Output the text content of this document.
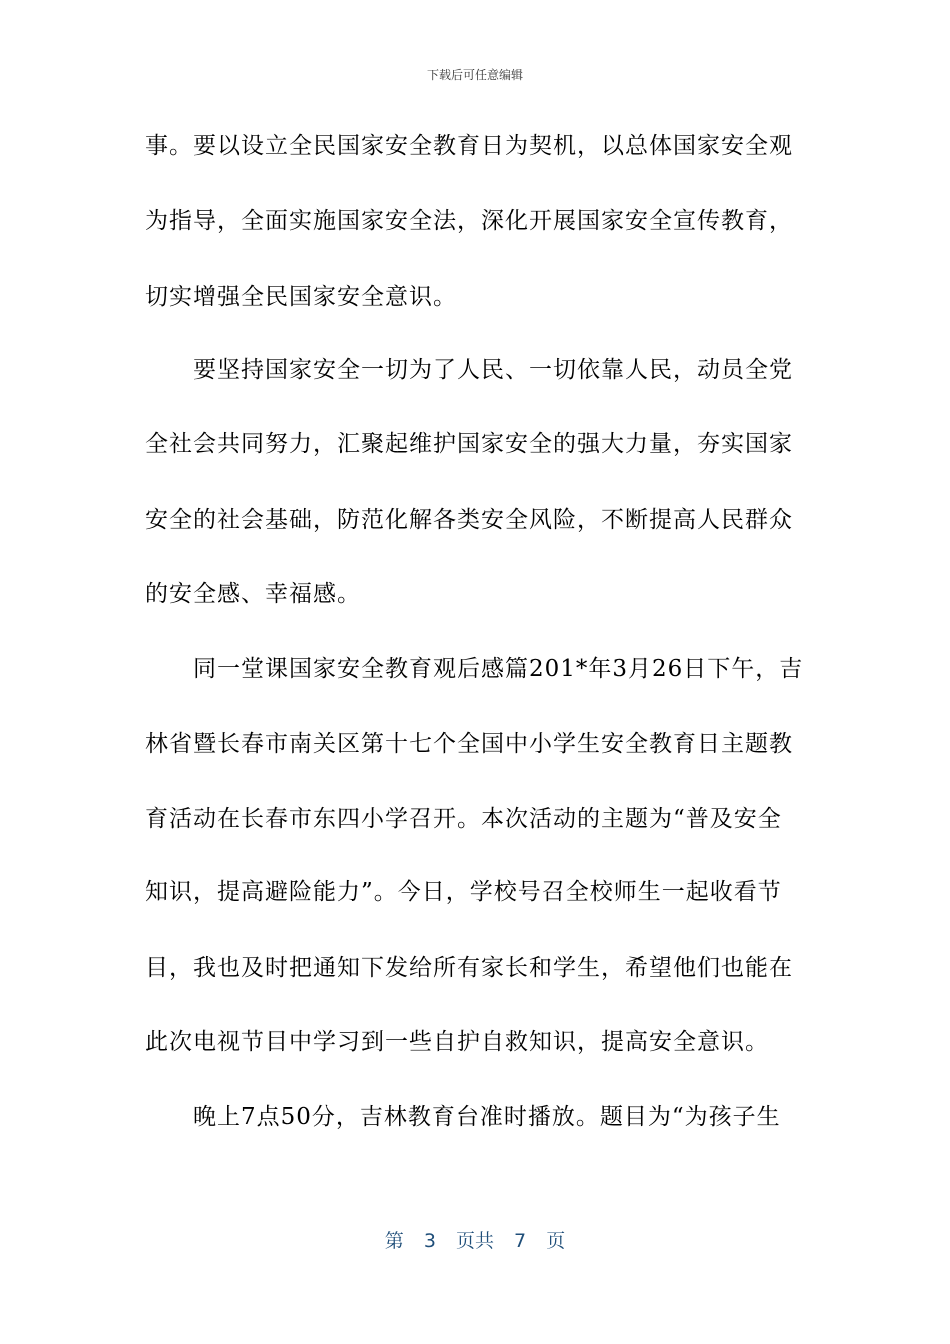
下载后可任意编辑
事。要以设立全民国家安全教育日为契机，以总体国家安全观
为指导，全面实施国家安全法，深化开展国家安全宣传教育，
切实增强全民国家安全意识。
要坚持国家安全一切为了人民、一切依靠人民，动员全党
全社会共同努力，汇聚起维护国家安全的强大力量，夯实国家
安全的社会基础，防范化解各类安全风险，不断提高人民群众
的安全感、幸福感。
同一堂课国家安全教育观后感篇201*年3月26日下午，吉
林省暨长春市南关区第十七个全国中小学生安全教育日主题教
育活动在长春市东四小学召开。本次活动的主题为“普及安全
知识，提高避险能力”。今日，学校号召全校师生一起收看节
目，我也及时把通知下发给所有家长和学生，希望他们也能在
此次电视节目中学习到一些自护自救知识，提高安全意识。
晚上7点50分，吉林教育台准时播放。题目为“为孩子生
第 3 页共 7 页
